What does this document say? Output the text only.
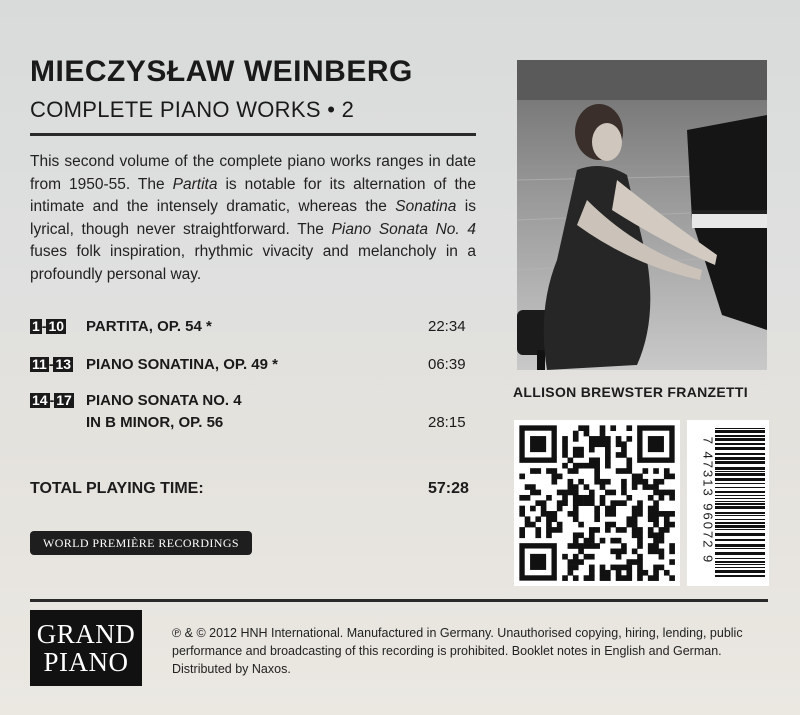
MIECZYSŁAW WEINBERG
COMPLETE PIANO WORKS • 2
This second volume of the complete piano works ranges in date from 1950-55. The Partita is notable for its alternation of the intimate and the intensely dramatic, whereas the Sonatina is lyrical, though never straightforward. The Piano Sonata No. 4 fuses folk inspiration, rhythmic vivacity and melancholy in a profoundly personal way.
1 - 10 PARTITA, OP. 54 *	22:34
11 - 13 PIANO SONATINA, OP. 49 *	06:39
14 - 17 PIANO SONATA NO. 4
IN B MINOR, OP. 56	28:15
TOTAL PLAYING TIME:	57:28
WORLD PREMIÈRE RECORDINGS
ALLISON BREWSTER FRANZETTI
7 47313 96072 9
GRAND
PIANO
℗ & © 2012 HNH International. Manufactured in Germany. Unauthorised copying, hiring, lending, public performance and broadcasting of this recording is prohibited. Booklet notes in English and German. Distributed by Naxos.
